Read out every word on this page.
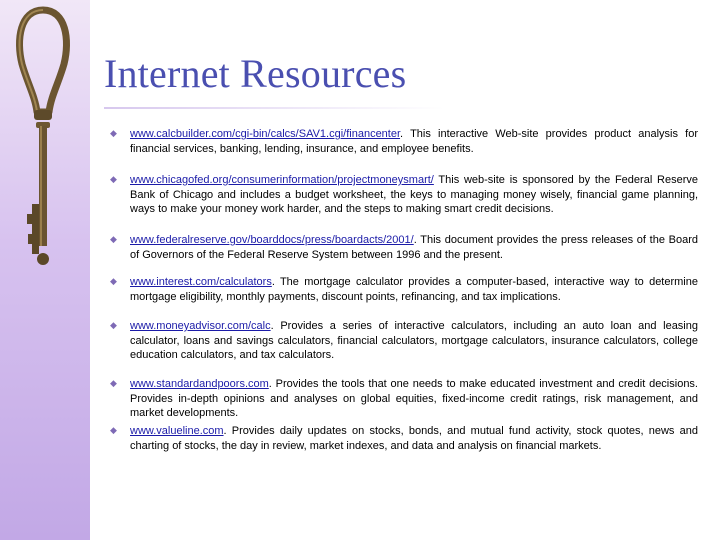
Internet Resources
◆ www.calcbuilder.com/cgi-bin/calcs/SAV1.cgi/financenter. This interactive Web-site provides product analysis for financial services, banking, lending, insurance, and employee benefits.
◆ www.chicagofed.org/consumerinformation/projectmoneysmart/ This web-site is sponsored by the Federal Reserve Bank of Chicago and includes a budget worksheet, the keys to managing money wisely, financial game planning, ways to make your money work harder, and the steps to making smart credit decisions.
◆ www.federalreserve.gov/boarddocs/press/boardacts/2001/. This document provides the press releases of the Board of Governors of the Federal Reserve System between 1996 and the present.
◆ www.interest.com/calculators. The mortgage calculator provides a computer-based, interactive way to determine mortgage eligibility, monthly payments, discount points, refinancing, and tax implications.
◆ www.moneyadvisor.com/calc. Provides a series of interactive calculators, including an auto loan and leasing calculator, loans and savings calculators, financial calculators, mortgage calculators, insurance calculators, college education calculators, and tax calculators.
◆ www.standardandpoors.com. Provides the tools that one needs to make educated investment and credit decisions. Provides in-depth opinions and analyses on global equities, fixed-income credit ratings, risk management, and market developments.
◆ www.valueline.com. Provides daily updates on stocks, bonds, and mutual fund activity, stock quotes, news and charting of stocks, the day in review, market indexes, and data and analysis on financial markets.
